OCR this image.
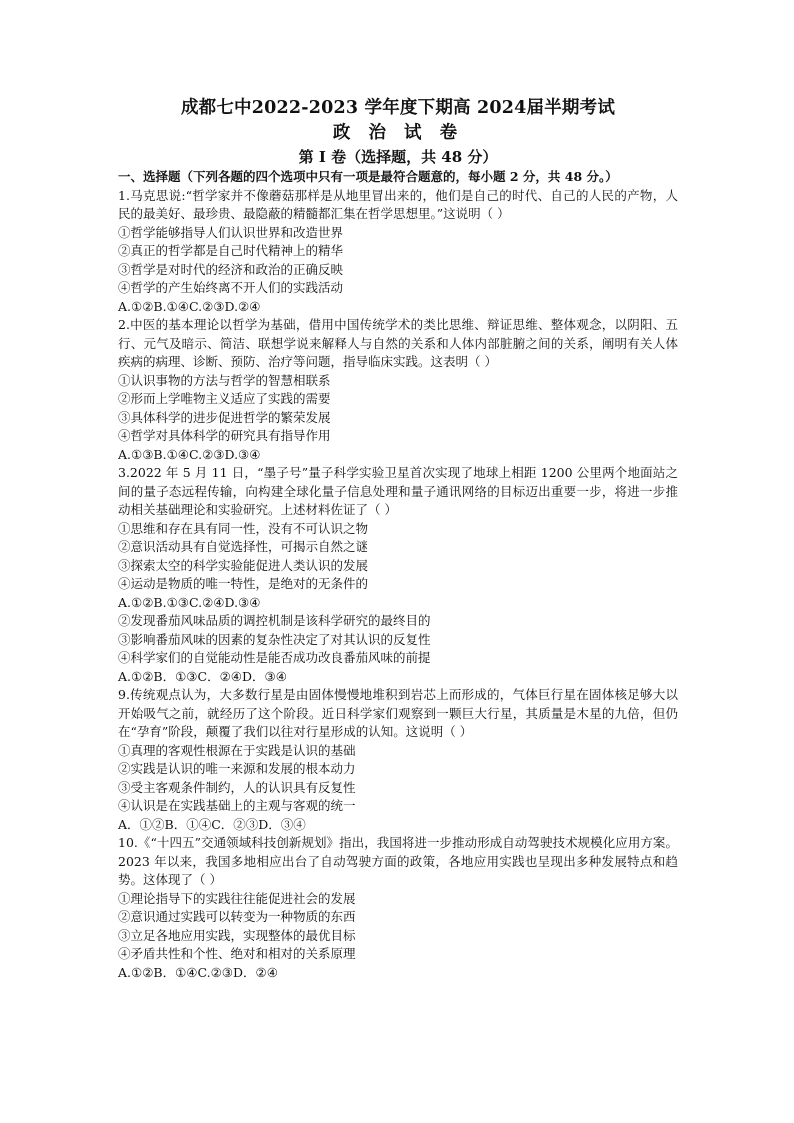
成都七中2022-2023 学年度下期高 2024届半期考试

政 治 试 卷

第 I 卷（选择题，共 48 分）

一、选择题（下列各题的四个选项中只有一项是最符合题意的，每小题 2 分，共 48 分。）

1.马克思说:“哲学家并不像蘑菇那样是从地里冒出来的，他们是自己的时代、自己的人民的产物，人民的最美好、最珍贵、最隐蔽的精髓都汇集在哲学思想里。”这说明（ ）

①哲学能够指导人们认识世界和改造世界

②真正的哲学都是自己时代精神上的精华

③哲学是对时代的经济和政治的正确反映

④哲学的产生始终离不开人们的实践活动

A.①②B.①④C.②③D.②④

2.中医的基本理论以哲学为基础，借用中国传统学术的类比思维、辩证思维、整体观念，以阴阳、五行、元气及暗示、简洁、联想学说来解释人与自然的关系和人体内部脏腑之间的关系，阐明有关人体疾病的病理、诊断、预防、治疗等问题，指导临床实践。这表明（ ）

①认识事物的方法与哲学的智慧相联系

②形而上学唯物主义适应了实践的需要

③具体科学的进步促进哲学的繁荣发展

④哲学对具体科学的研究具有指导作用

A.①③B.①④C.②③D.③④

3.2022 年 5 月 11 日，“墨子号”量子科学实验卫星首次实现了地球上相距 1200 公里两个地面站之间的量子态远程传输，向构建全球化量子信息处理和量子通讯网络的目标迈出重要一步，将进一步推动相关基础理论和实验研究。上述材料佐证了（ ）

①思维和存在具有同一性，没有不可认识之物

②意识活动具有自觉选择性，可揭示自然之谜

③探索太空的科学实验能促进人类认识的发展

④运动是物质的唯一特性，是绝对的无条件的

A.①②B.①③C.②④D.③④

②发现番茄风味品质的调控机制是该科学研究的最终目的

③影响番茄风味的因素的复杂性决定了对其认识的反复性

④科学家们的自觉能动性是能否成功改良番茄风味的前提

A.①②B．①③C．②④D．③④

9.传统观点认为，大多数行星是由固体慢慢地堆积到岩芯上而形成的，气体巨行星在固体核足够大以开始吸气之前，就经历了这个阶段。近日科学家们观察到一颗巨大行星，其质量是木星的九倍，但仍在“孕育”阶段，颠覆了我们以往对行星形成的认知。这说明（ ）

①真理的客观性根源在于实践是认识的基础

②实践是认识的唯一来源和发展的根本动力

③受主客观条件制约，人的认识具有反复性

④认识是在实践基础上的主观与客观的统一

A．①②B．①④C．②③D．③④

10.《“十四五”交通领域科技创新规划》指出，我国将进一步推动形成自动驾驶技术规模化应用方案。2023 年以来，我国多地相应出台了自动驾驶方面的政策，各地应用实践也呈现出多种发展特点和趋势。这体现了（ ）

①理论指导下的实践往往能促进社会的发展

②意识通过实践可以转变为一种物质的东西

③立足各地应用实践，实现整体的最优目标

④矛盾共性和个性、绝对和相对的关系原理

A.①②B．①④C.②③D．②④
